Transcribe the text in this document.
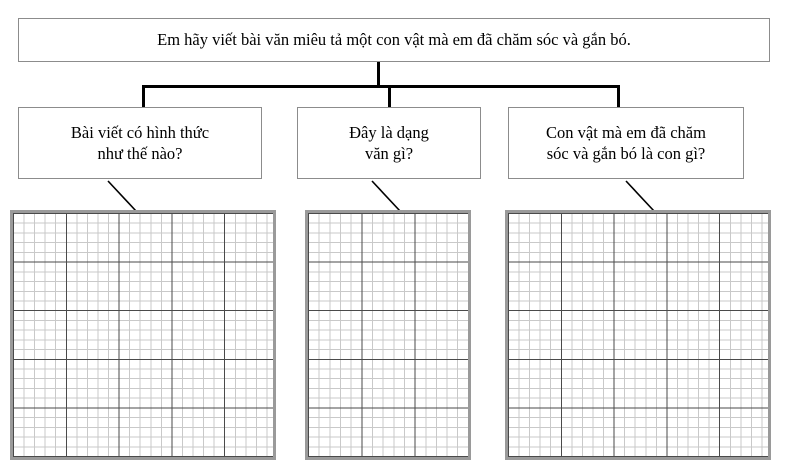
Em hãy viết bài văn miêu tả một con vật mà em đã chăm sóc và gắn bó.
Bài viết có hình thức
như thế nào?
Đây là dạng
văn gì?
Con vật mà em đã chăm
sóc và gắn bó là con gì?
